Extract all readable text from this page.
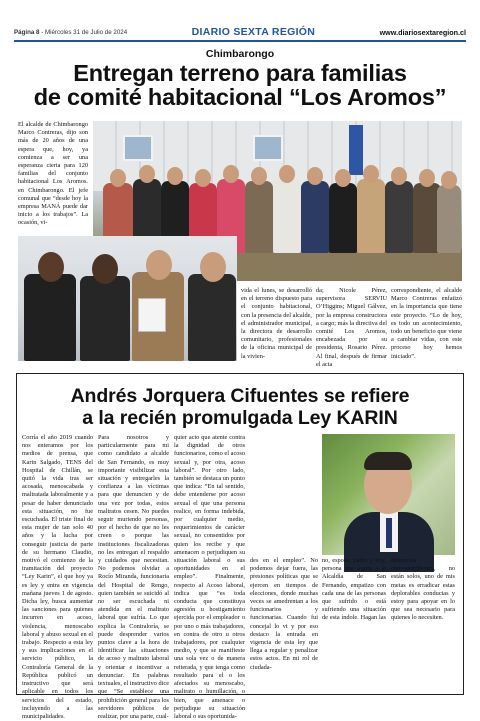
Página 8 - Miércoles 31 de Julio de 2024	DIARIO SEXTA REGIÓN	www.diariosextaregion.cl
Chimbarongo
Entregan terreno para familias
de comité habitacional “Los Aromos”
El alcalde de Chimbarongo Marco Contreras, dijo son más de 20 años de una espera que, hoy, ya comienza a ser una esperanza cierta para 120 familias del conjunto habitacional Los Aromos. en Chimbarongo. El jefe comunal que “desde hoy la empresa MANÁ puede dar inicio a los trabajos”. La ocasión, vi-
vida el lunes, se desarrolló en el terreno dispuesto para el conjunto habitacional, con la presencia del alcalde, el administrador municipal, la directora de desarrollo comunitario, profesionales de la oficina municipal de la vivien-
da; Nicole Pérez, supervisora SERVIU O’Higgins; Miguel Gálvez, por la empresa constructora a cargo; más la directiva del comité Los Aromos, encabezada por su presidenta, Rosario Pérez. Al final, después de firmar el acta
correspondiente, el alcalde Marco Contreras enfatizó en la importancia que tiene este proyecto. “Lo de hoy, es todo un acontecimiento, todo un beneficio que viene a cambiar vidas, con este proceso hoy hemos iniciado”.
Andrés Jorquera Cifuentes se refiere
a la recién promulgada Ley KARIN
Corría el año 2019 cuando nos enteramos por los medios de prensa, que Karin Salgado, TENS del Hospital de Chillán, se quitó la vida tras ser acosada, menoscabada y maltratada laboralmente y a pesar de haber denunciado esta situación, no fue escuchada. El triste final de esta mujer de tan solo 40 años y la lucha por conseguir justicia de parte de su hermano Claudio, motivó el comienzo de la tramitación del proyecto “Ley Karin”, el que hoy ya es ley y entra en vigencia mañana jueves 1 de agosto. Dicha ley, busca aumentar las sanciones para quienes incurren en acoso, violencia, menoscabo laboral y abuso sexual en el trabajo. Respecto a esta ley y sus implicaciones en el servicio público, la Contraloría General de la República publicó un instructivo que será aplicable en todos los servicios del estado, incluyendo a las municipalidades.
Para nosotros y particularmente para mi como candidato a alcalde de San Fernando, es muy importante visibilizar esta situación y entregarles la confianza a las víctimas para que denuncien y de una vez por todas, estos maltratos cesen. No puedes seguir muriendo personas, por el hecho de que no les creen o porque las instituciones fiscalizadoras no les entregan el respaldo y cuidados que necesitan. No podemos olvidar a Rocío Miranda, funcionaria del Hospital de Rengo, quien también se suicidó al no ser escuchada ni atendida en el maltrato laboral que sufría. Lo que explica la Contraloría, se puede desprender varios puntos clave a la hora de identificar las situaciones de acoso y maltrato laboral y orientar e incentivar a denunciar. En palabras textuales, el instructivo dice que “Se establece una prohibición general para los servidores públicos de realizar, por una parte, cual-
quier acto que atente contra la dignidad de otros funcionarios, como el acoso sexual y, por otra, acoso laboral”. Por otro lado, también se destaca un punto que indica: “En tal sentido, debe entenderse por acoso sexual el que una persona realice, en forma indebida, por cualquier medio, requerimientos de carácter sexual, no consentidos por quien los recibe y que amenacen o perjudiquen su situación laboral o sus oportunidades en el empleo”. Finalmente, respecto al Acoso laboral, indica que “es toda conducta que constituya agresión u hostigamiento ejercida por el empleador o por uno o más trabajadores, en contra de otro u otros trabajadores, por cualquier medio, y que se manifieste una sola vez o de manera reiterada, y que tenga como resultado para el o los afectados su menoscabo, maltrato o humillación, o bien, que amenace o perjudique su situación laboral o sus oportunida-
des en el empleo”. No podemos dejar fuera, las presiones políticas que se ejercen en tiempos de elecciones, donde muchas veces se amedrentan a los funcionarios y funcionarias. Cuando fui concejal lo vi y por eso destaco la entrada en vigencia de esta ley que llega a regular y penalizar estos actos. En mi rol de ciudada-
no, esposo, padre y hoy, persona que aspira a la Alcaldía de San Fernando, empatizo con cada una de las personas que sufrido o está sufriendo una situación de esta índole. Hagan las denuncias correspondientes, no están solos, uno de mis metas es erradicar estas deplorables conductas y estoy para apoyar en lo que sea necesario para quienes lo necesiten.
